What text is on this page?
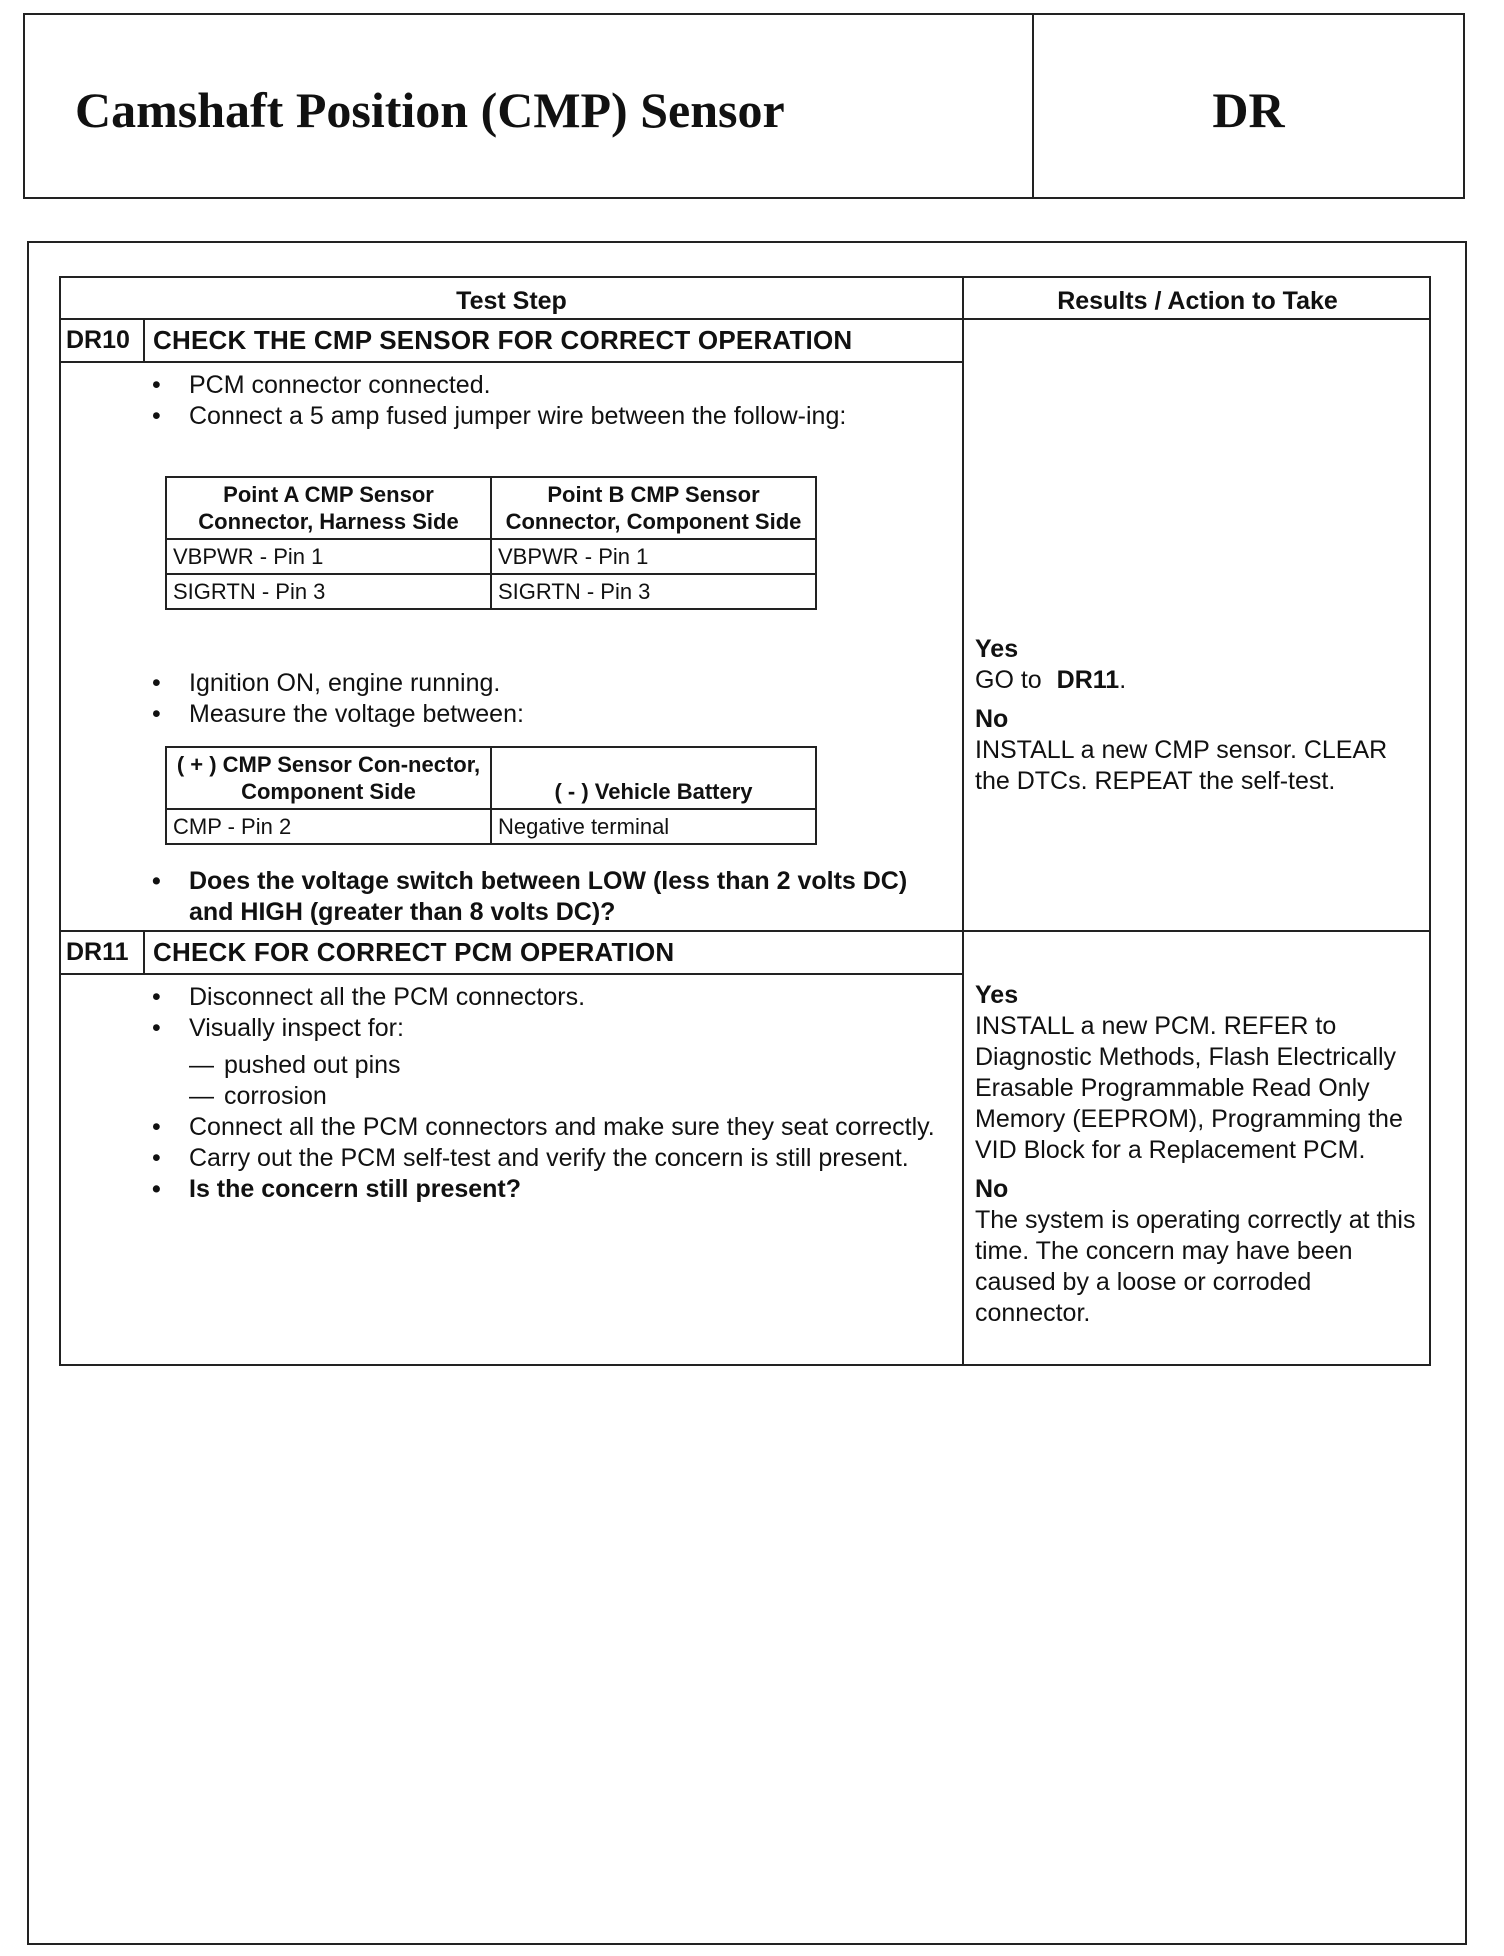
Camshaft Position (CMP) Sensor	DR
Test Step	Results / Action to Take
DR10 CHECK THE CMP SENSOR FOR CORRECT OPERATION
• PCM connector connected.
• Connect a 5 amp fused jumper wire between the follow-ing:
Point A CMP Sensor Connector, Harness Side	Point B CMP Sensor Connector, Component Side
VBPWR - Pin 1	VBPWR - Pin 1
SIGRTN - Pin 3	SIGRTN - Pin 3
• Ignition ON, engine running.
• Measure the voltage between:
( + ) CMP Sensor Con-nector, Component Side	( - ) Vehicle Battery
CMP - Pin 2	Negative terminal
• Does the voltage switch between LOW (less than 2 volts DC) and HIGH (greater than 8 volts DC)?
Yes
GO to DR11.
No
INSTALL a new CMP sensor. CLEAR the DTCs. REPEAT the self-test.
DR11 CHECK FOR CORRECT PCM OPERATION
• Disconnect all the PCM connectors.
• Visually inspect for:
— pushed out pins
— corrosion
• Connect all the PCM connectors and make sure they seat correctly.
• Carry out the PCM self-test and verify the concern is still present.
• Is the concern still present?
Yes
INSTALL a new PCM. REFER to Diagnostic Methods, Flash Electrically Erasable Programmable Read Only Memory (EEPROM), Programming the VID Block for a Replacement PCM.
No
The system is operating correctly at this time. The concern may have been caused by a loose or corroded connector.
